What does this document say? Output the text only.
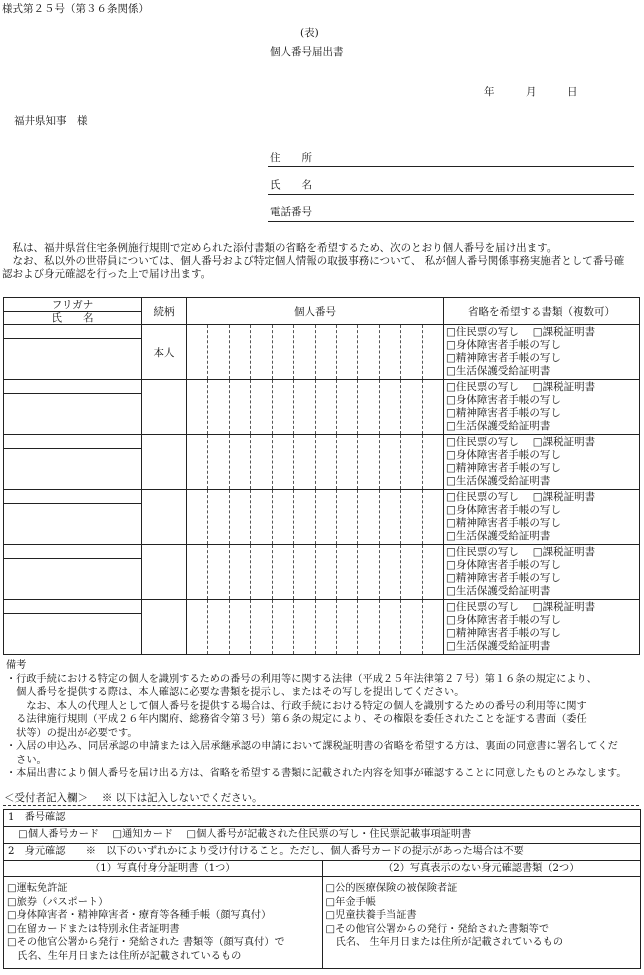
様式第２５号（第３６条関係）
(表)
個人番号届出書
年	月	日
福井県知事　様
住　　所
氏　　名
電話番号
　私は、福井県営住宅条例施行規則で定められた添付書類の省略を希望するため、次のとおり個人番号を届け出ます。
　なお、私以外の世帯員については、個人番号および特定個人情報の取扱事務について、 私が個人番号関係事務実施者として番号確
認および身元確認を行った上で届け出ます。
フリガナ
氏　　名	続柄	個人番号	省略を希望する書類（複数可）
	本人		□住民票の写し　 □課税証明書
□身体障害者手帳の写し
□精神障害者手帳の写し
□生活保護受給証明書

			□住民票の写し　 □課税証明書
□身体障害者手帳の写し
□精神障害者手帳の写し
□生活保護受給証明書

			□住民票の写し　 □課税証明書
□身体障害者手帳の写し
□精神障害者手帳の写し
□生活保護受給証明書

			□住民票の写し　 □課税証明書
□身体障害者手帳の写し
□精神障害者手帳の写し
□生活保護受給証明書

			□住民票の写し　 □課税証明書
□身体障害者手帳の写し
□精神障害者手帳の写し
□生活保護受給証明書

			□住民票の写し　 □課税証明書
□身体障害者手帳の写し
□精神障害者手帳の写し
□生活保護受給証明書

備考

・行政手続における特定の個人を識別するための番号の利用等に関する法律（平成２５年法律第２７号）第１６条の規定により、

　個人番号を提供する際は、本人確認に必要な書類を提示し、またはその写しを提出してください。

　　なお、本人の代理人として個人番号を提供する場合は、行政手続における特定の個人を識別するための番号の利用等に関す

　る法律施行規則（平成２６年内閣府、総務省令第３号）第６条の規定により、その権限を委任されたことを証する書面（委任

　状等）の提出が必要です。

・入居の申込み、同居承認の申請または入居承継承認の申請において課税証明書の省略を希望する方は、裏面の同意書に署名してくだ

　さい。

・本届出書により個人番号を届け出る方は、省略を希望する書類に記載された内容を知事が確認することに同意したものとみなします。

＜受付者記入欄＞　 ※ 以下は記入しないでください。
1　番号確認
　□個人番号カード　 □通知カード　 □個人番号が記載された住民票の写し・住民票記載事項証明書
2　身元確認　　※　以下のいずれかにより受け付けること。ただし、個人番号カードの提示があった場合は不要
（1）写真付身分証明書（1つ）
□運転免許証
□旅券（パスポート）
□身体障害者・精神障害者・療育等各種手帳（顔写真付）
□在留カードまたは特別永住者証明書
□その他官公署から発行・発給された 書類等（顔写真付）で
　氏名、生年月日または住所が記載されているもの
（2）写真表示のない身元確認書類（2つ）
□公的医療保険の被保険者証
□年金手帳
□児童扶養手当証書
□その他官公署からの発行・発給された書類等で
　氏名、 生年月日または住所が記載されているもの
